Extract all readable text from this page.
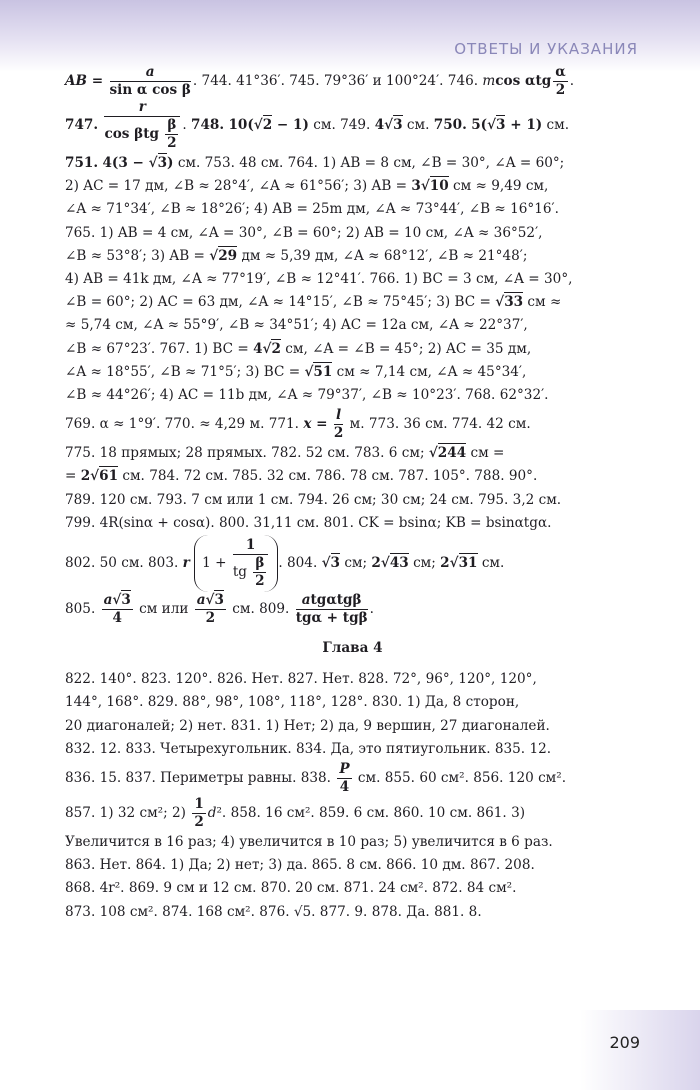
ОТВЕТЫ И УКАЗАНИЯ

AB = $\frac{a}{\text{sin α cos β}}$ . 744. 41°36′. 745. 79°36′ и 100°24′. 746. mcos αtg $\frac{\alpha}{2}$ .

747. $\frac{r}{\cos \beta tg \frac{\beta}{2}}$ . 748. 10(√2 − 1) см. 749. 4√3 см. 750. 5(√3 + 1) см.

751. 4(3 − √3) см. 753. 48 см. 764. 1) AB = 8 см, ∠B = 30°, ∠A = 60°;

2) AC = 17 дм, ∠B ≈ 28°4′, ∠A ≈ 61°56′; 3) AB = 3√10 см ≈ 9,49 см,

∠A ≈ 71°34′, ∠B ≈ 18°26′; 4) AB = 25m дм, ∠A ≈ 73°44′, ∠B ≈ 16°16′.

765. 1) AB = 4 см, ∠A = 30°, ∠B = 60°; 2) AB = 10 см, ∠A ≈ 36°52′,

∠B ≈ 53°8′; 3) AB = √29 дм ≈ 5,39 дм, ∠A ≈ 68°12′, ∠B ≈ 21°48′;

4) AB = 41k дм, ∠A ≈ 77°19′, ∠B ≈ 12°41′. 766. 1) BC = 3 см, ∠A = 30°,

∠B = 60°; 2) AC = 63 дм, ∠A ≈ 14°15′, ∠B ≈ 75°45′; 3) BC = √33 см ≈

≈ 5,74 см, ∠A ≈ 55°9′, ∠B ≈ 34°51′; 4) AC = 12a см, ∠A ≈ 22°37′,

∠B ≈ 67°23′. 767. 1) BC = 4√2 см, ∠A = ∠B = 45°; 2) AC = 35 дм,

∠A ≈ 18°55′, ∠B ≈ 71°5′; 3) BC = √51 см ≈ 7,14 см, ∠A ≈ 45°34′,

∠B ≈ 44°26′; 4) AC = 11b дм, ∠A ≈ 79°37′, ∠B ≈ 10°23′. 768. 62°32′.

769. α ≈ 1°9′. 770. ≈ 4,29 м. 771. $x = \frac{l}{2} м$. 773. 36 см. 774. 42 см.

775. 18 прямых; 28 прямых. 782. 52 см. 783. 6 см; √244 см =

= 2√61 см. 784. 72 см. 785. 32 см. 786. 78 см. 787. 105°. 788. 90°.

789. 120 см. 793. 7 см или 1 см. 794. 26 см; 30 см; 24 см. 795. 3,2 см.

799. 4R(sinα + cosα). 800. 31,11 см. 801. CK = bsinα; KB = bsinαtgα.

802. 50 см. 803. r $1 + \frac{1}{tg \frac{\beta}{2}}$ . 804. √3 см; 2√43 см; 2√31 см.

805. $\frac{a√3}{4}$ см или $\frac{a√3}{2}$ см. 809. $\frac{\text{atgαtgβ}}{\text{tgα + tgβ}}$ .

Глава 4

822. 140°. 823. 120°. 826. Нет. 827. Нет. 828. 72°, 96°, 120°, 120°,

144°, 168°. 829. 88°, 98°, 108°, 118°, 128°. 830. 1) Да, 8 сторон,

20 диагоналей; 2) нет. 831. 1) Нет; 2) да, 9 вершин, 27 диагоналей.

832. 12. 833. Четырехугольник. 834. Да, это пятиугольник. 835. 12.

836. 15. 837. Периметры равны. 838. $\frac{P}{4}$ см. 855. 60 см². 856. 120 см².

857. 1) 32 см²; $2) \frac{1}{2} d^2$. 858. 16 см². 859. 6 см. 860. 10 см. 861. 3)

Увеличится в 16 раз; 4) увеличится в 10 раз; 5) увеличится в 6 раз.

863. Нет. 864. 1) Да; 2) нет; 3) да. 865. 8 см. 866. 10 дм. 867. 208.

868. 4r². 869. 9 см и 12 см. 870. 20 см. 871. 24 см². 872. 84 см².

873. 108 см². 874. 168 см². 876. √5. 877. 9. 878. Да. 881. 8.

209
